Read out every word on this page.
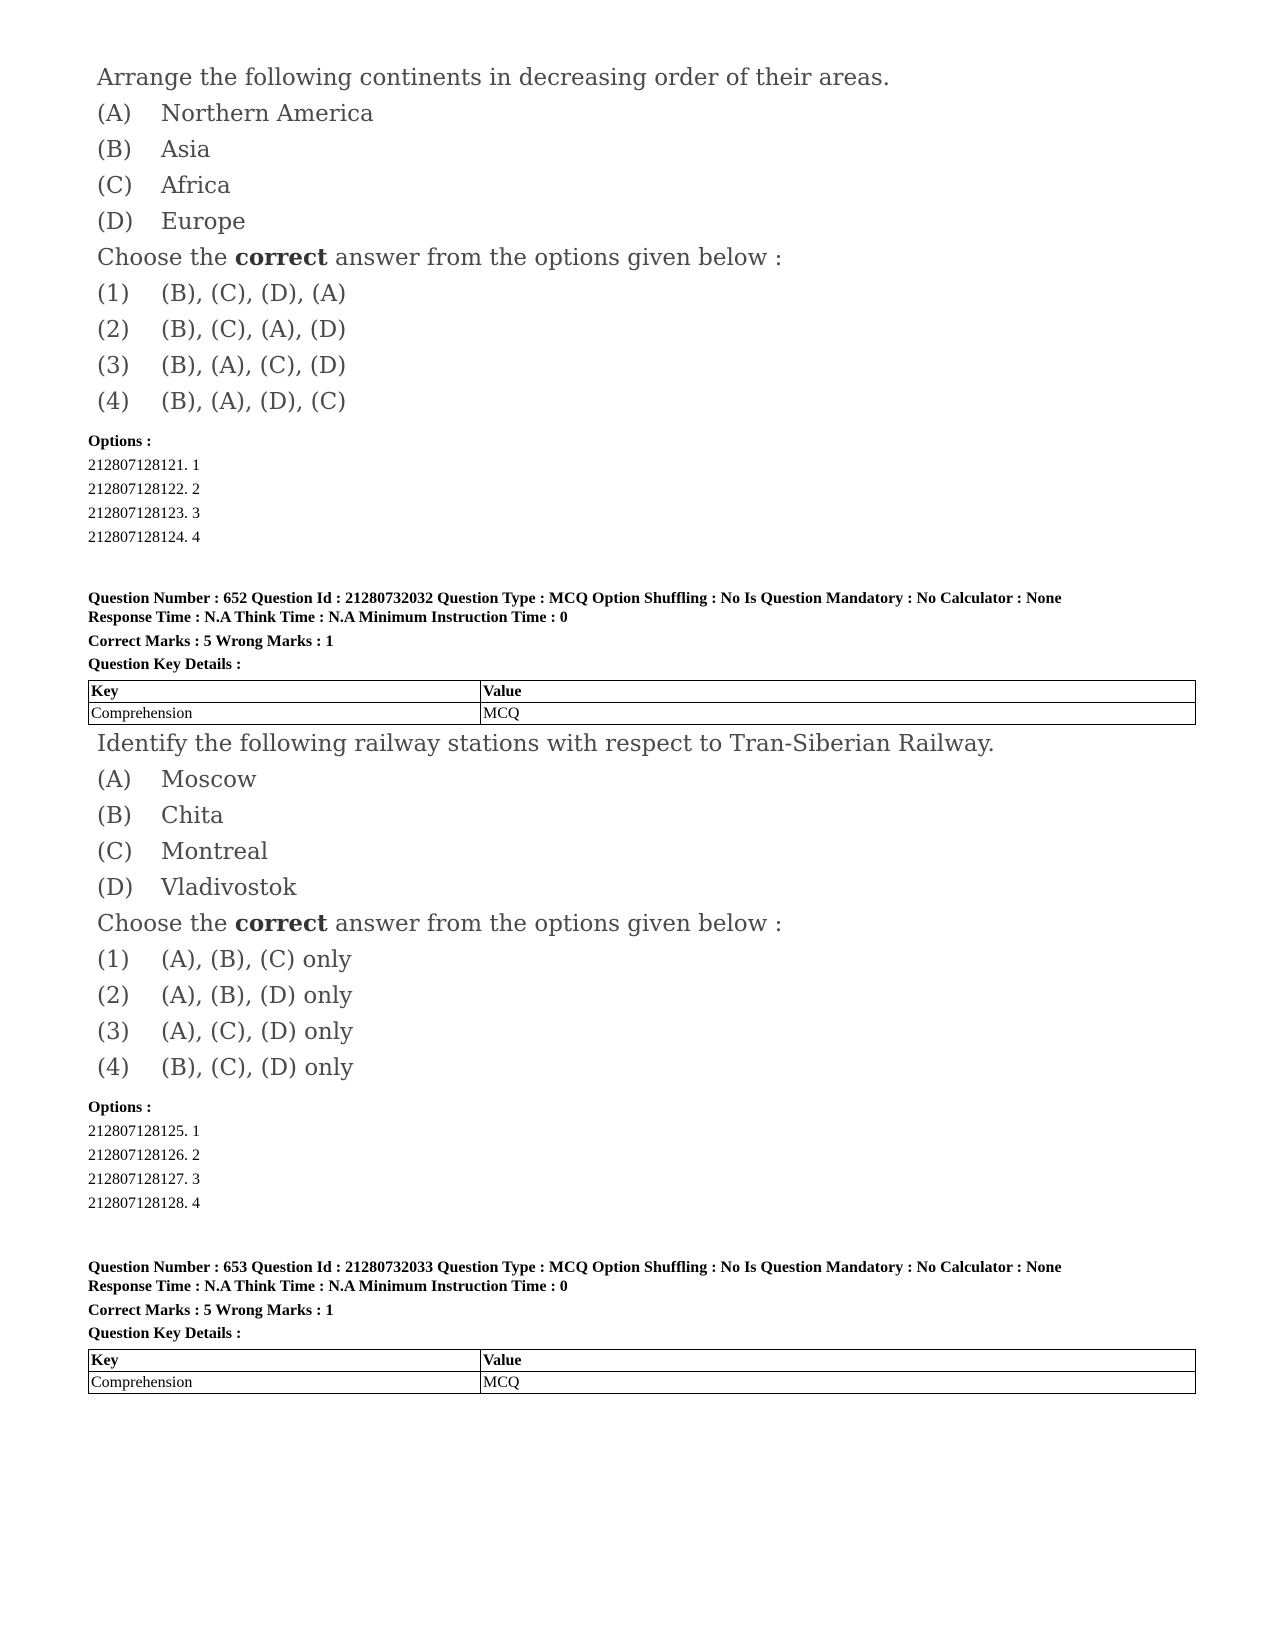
Arrange the following continents in decreasing order of their areas.
(A)	Northern America
(B)	Asia
(C)	Africa
(D)	Europe
Choose the correct answer from the options given below :
(1)	(B), (C), (D), (A)
(2)	(B), (C), (A), (D)
(3)	(B), (A), (C), (D)
(4)	(B), (A), (D), (C)
Options :
212807128121. 1
212807128122. 2
212807128123. 3
212807128124. 4
Question Number : 652 Question Id : 21280732032 Question Type : MCQ Option Shuffling : No Is Question Mandatory : No Calculator : None
Response Time : N.A Think Time : N.A Minimum Instruction Time : 0
Correct Marks : 5 Wrong Marks : 1
Question Key Details :
Key	Value
Comprehension	MCQ
Identify the following railway stations with respect to Tran-Siberian Railway.
(A)	Moscow
(B)	Chita
(C)	Montreal
(D)	Vladivostok
Choose the correct answer from the options given below :
(1)	(A), (B), (C) only
(2)	(A), (B), (D) only
(3)	(A), (C), (D) only
(4)	(B), (C), (D) only
Options :
212807128125. 1
212807128126. 2
212807128127. 3
212807128128. 4
Question Number : 653 Question Id : 21280732033 Question Type : MCQ Option Shuffling : No Is Question Mandatory : No Calculator : None
Response Time : N.A Think Time : N.A Minimum Instruction Time : 0
Correct Marks : 5 Wrong Marks : 1
Question Key Details :
Key	Value
Comprehension	MCQ
